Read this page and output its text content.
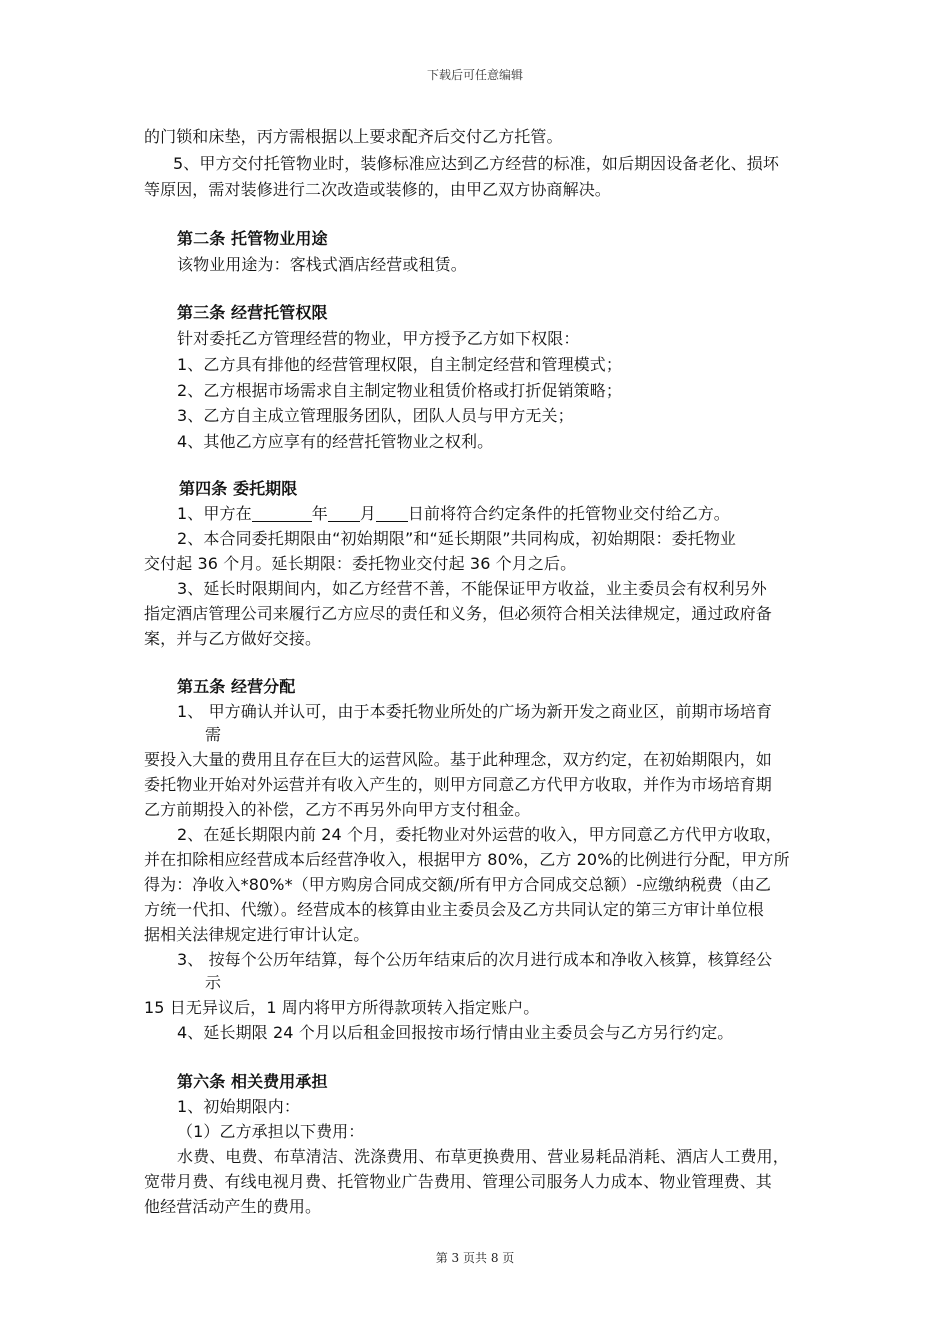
下载后可任意编辑
的门锁和床垫，丙方需根据以上要求配齐后交付乙方托管。
5、甲方交付托管物业时，装修标准应达到乙方经营的标准，如后期因设备老化、损坏
等原因，需对装修进行二次改造或装修的，由甲乙双方协商解决。
第二条 托管物业用途
该物业用途为：客栈式酒店经营或租赁。
第三条 经营托管权限
针对委托乙方管理经营的物业，甲方授予乙方如下权限：
1、乙方具有排他的经营管理权限，自主制定经营和管理模式；
2、乙方根据市场需求自主制定物业租赁价格或打折促销策略；
3、乙方自主成立管理服务团队，团队人员与甲方无关；
4、其他乙方应享有的经营托管物业之权利。
第四条 委托期限
1、甲方在	年 月 日前将符合约定条件的托管物业交付给乙方。
2、本合同委托期限由“初始期限”和“延长期限”共同构成，初始期限：委托物业
交付起 36 个月。延长期限：委托物业交付起 36 个月之后。
3、延长时限期间内，如乙方经营不善，不能保证甲方收益，业主委员会有权利另外
指定酒店管理公司来履行乙方应尽的责任和义务，但必须符合相关法律规定，通过政府备
案，并与乙方做好交接。
第五条 经营分配
1、 甲方确认并认可，由于本委托物业所处的广场为新开发之商业区，前期市场培育
需
要投入大量的费用且存在巨大的运营风险。基于此种理念，双方约定，在初始期限内，如
委托物业开始对外运营并有收入产生的，则甲方同意乙方代甲方收取，并作为市场培育期
乙方前期投入的补偿，乙方不再另外向甲方支付租金。
2、在延长期限内前 24 个月，委托物业对外运营的收入，甲方同意乙方代甲方收取，
并在扣除相应经营成本后经营净收入，根据甲方 80%，乙方 20%的比例进行分配，甲方所
得为：净收入*80%*（甲方购房合同成交额/所有甲方合同成交总额）-应缴纳税费（由乙
方统一代扣、代缴）。经营成本的核算由业主委员会及乙方共同认定的第三方审计单位根
据相关法律规定进行审计认定。
3、 按每个公历年结算，每个公历年结束后的次月进行成本和净收入核算，核算经公
示
15 日无异议后，1 周内将甲方所得款项转入指定账户。
4、延长期限 24 个月以后租金回报按市场行情由业主委员会与乙方另行约定。
第六条 相关费用承担
1、初始期限内：
（1）乙方承担以下费用：
水费、电费、布草清洁、洗涤费用、布草更换费用、营业易耗品消耗、酒店人工费用，
宽带月费、有线电视月费、托管物业广告费用、管理公司服务人力成本、物业管理费、其
他经营活动产生的费用。
第 3 页共 8 页
